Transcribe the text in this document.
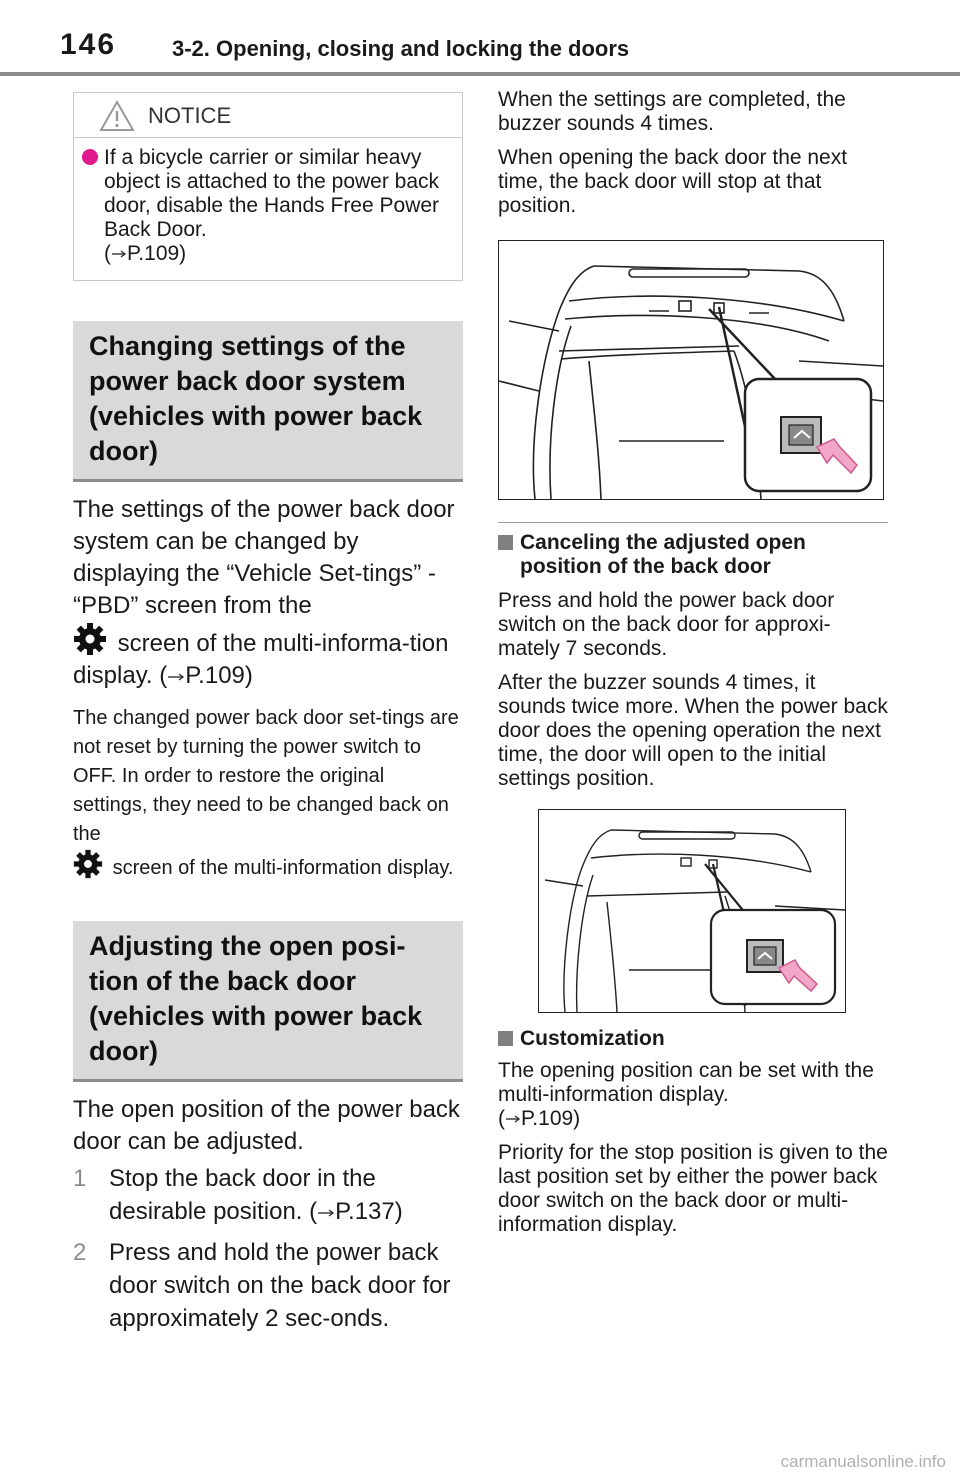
146	3-2. Opening, closing and locking the doors
NOTICE
If a bicycle carrier or similar heavy object is attached to the power back door, disable the Hands Free Power Back Door.
( P.109)
Changing settings of the
power back door system
(vehicles with power back
door)
The settings of the power back door system can be changed by displaying the “Vehicle Set-tings” - “PBD” screen from the
screen of the multi-informa-tion display. ( P.109)
The changed power back door set-tings are not reset by turning the power switch to OFF. In order to restore the original settings, they need to be changed back on the
screen of the multi-information display.
Adjusting the open posi-
tion of the back door
(vehicles with power back
door)
The open position of the power back door can be adjusted.
1 Stop the back door in the desirable position. ( P.137)
2 Press and hold the power back door switch on the back door for approximately 2 sec-onds.
When the settings are completed, the buzzer sounds 4 times.
When opening the back door the next time, the back door will stop at that position.
Canceling the adjusted open position of the back door
Press and hold the power back door switch on the back door for approxi-mately 7 seconds.
After the buzzer sounds 4 times, it sounds twice more. When the power back door does the opening operation the next time, the door will open to the initial settings position.
Customization
The opening position can be set with the multi-information display.
( P.109)
Priority for the stop position is given to the last position set by either the power back door switch on the back door or multi-information display.
carmanualsonline.info
